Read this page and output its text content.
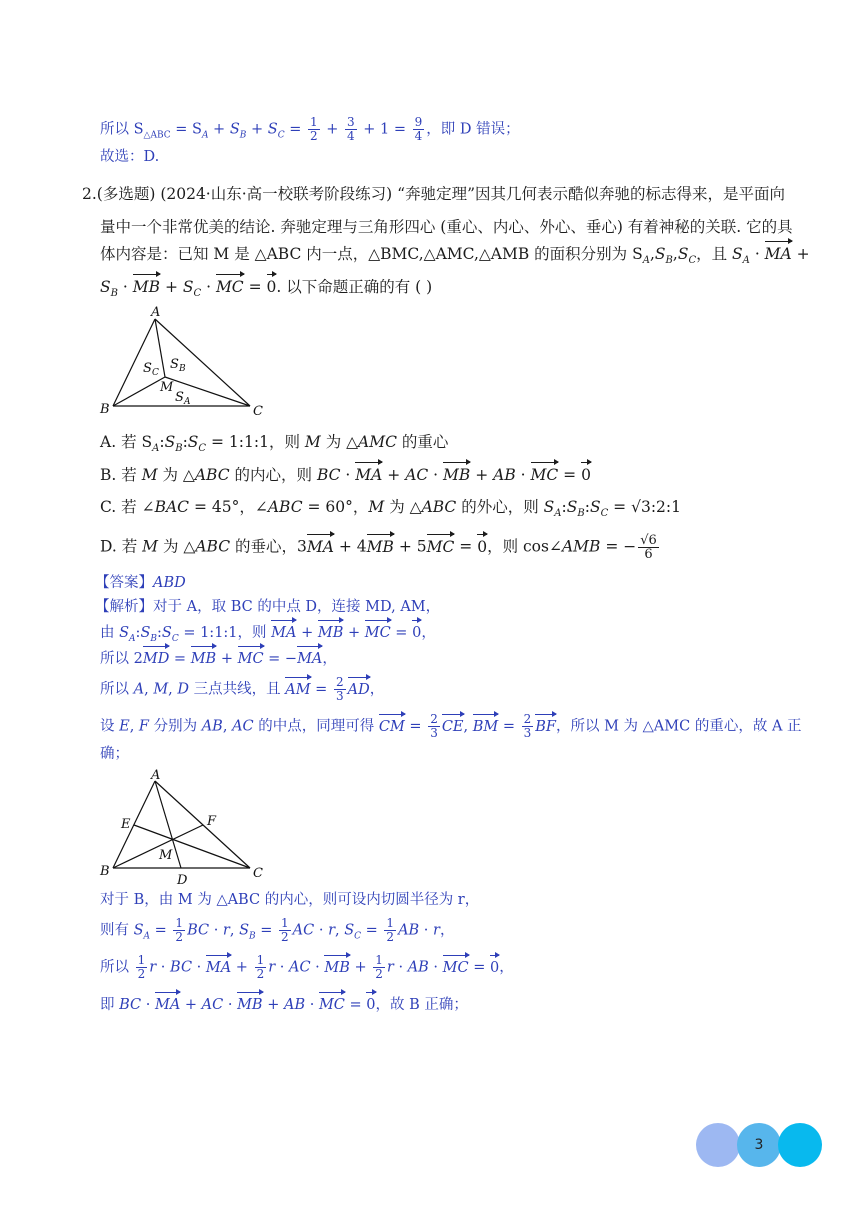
所以 $S_{\triangle ABC} = S_A + S_B + S_C = \frac{1}{2} + \frac{3}{4} + 1 = \frac{9}{4}$ ，即 D 错误；
故选：D.
2.(多选题) (2024·山东·高一校联考阶段练习) “奔驰定理”因其几何表示酷似奔驰的标志得来，是平面向
量中一个非常优美的结论. 奔驰定理与三角形四心 (重心、内心、外心、垂心) 有着神秘的关联. 它的具
体内容是：已知 M 是 △ABC 内一点，△BMC,△AMC,△AMB 的面积分别为 $S_A,S_B,S_C$，且 $S_A$ · MA +
$S_B$ · MB + $S_C$ · MC = 0. 以下命题正确的有 ( )
A
B	C
M
S C
S B
S A
A. 若 $S_A:S_B:S_C$ = 1:1:1，则 M 为 △AMC 的重心
B. 若 M 为 △ABC 的内心，则 BC · MA + AC · MB + AB · MC = 0
C. 若 ∠BAC = 45°，∠ABC = 60°，M 为 △ABC 的外心，则 $S_A:S_B:S_C$ = √3:2:1
D. 若 M 为 △ABC 的垂心，3MA + 4MB + 5MC = 0，则 cos∠AMB = − $\frac{√6}{6}$
【答案】ABD
【解析】对于 A，取 BC 的中点 D，连接 MD, AM，
由 $S_A:S_B:S_C$ = 1:1:1，则 MA + MB + MC = 0，
所以 2MD = MB + MC = −MA，
所以 A, M, D 三点共线，且 AM = $\frac{2}{3}$ AD，
设 E, F 分别为 AB, AC 的中点，同理可得 CM = $\frac{2}{3}$ CE, BM = $\frac{2}{3}$ BF，所以 M 为 △AMC 的重心，故 A 正
确；
A
B	C
D
E	F
M
对于 B，由 M 为 △ABC 的内心，则可设内切圆半径为 r，
则有 $S_A = \frac{1}{2}$ BC · r, $S_B = \frac{1}{2}$ AC · r, $S_C = \frac{1}{2}$ AB · r，
所以 $\frac{1}{2}$ r · BC · MA + $\frac{1}{2}$ r · AC · MB + $\frac{1}{2}$ r · AB · MC = 0，
即 BC · MA + AC · MB + AB · MC = 0，故 B 正确；
3
